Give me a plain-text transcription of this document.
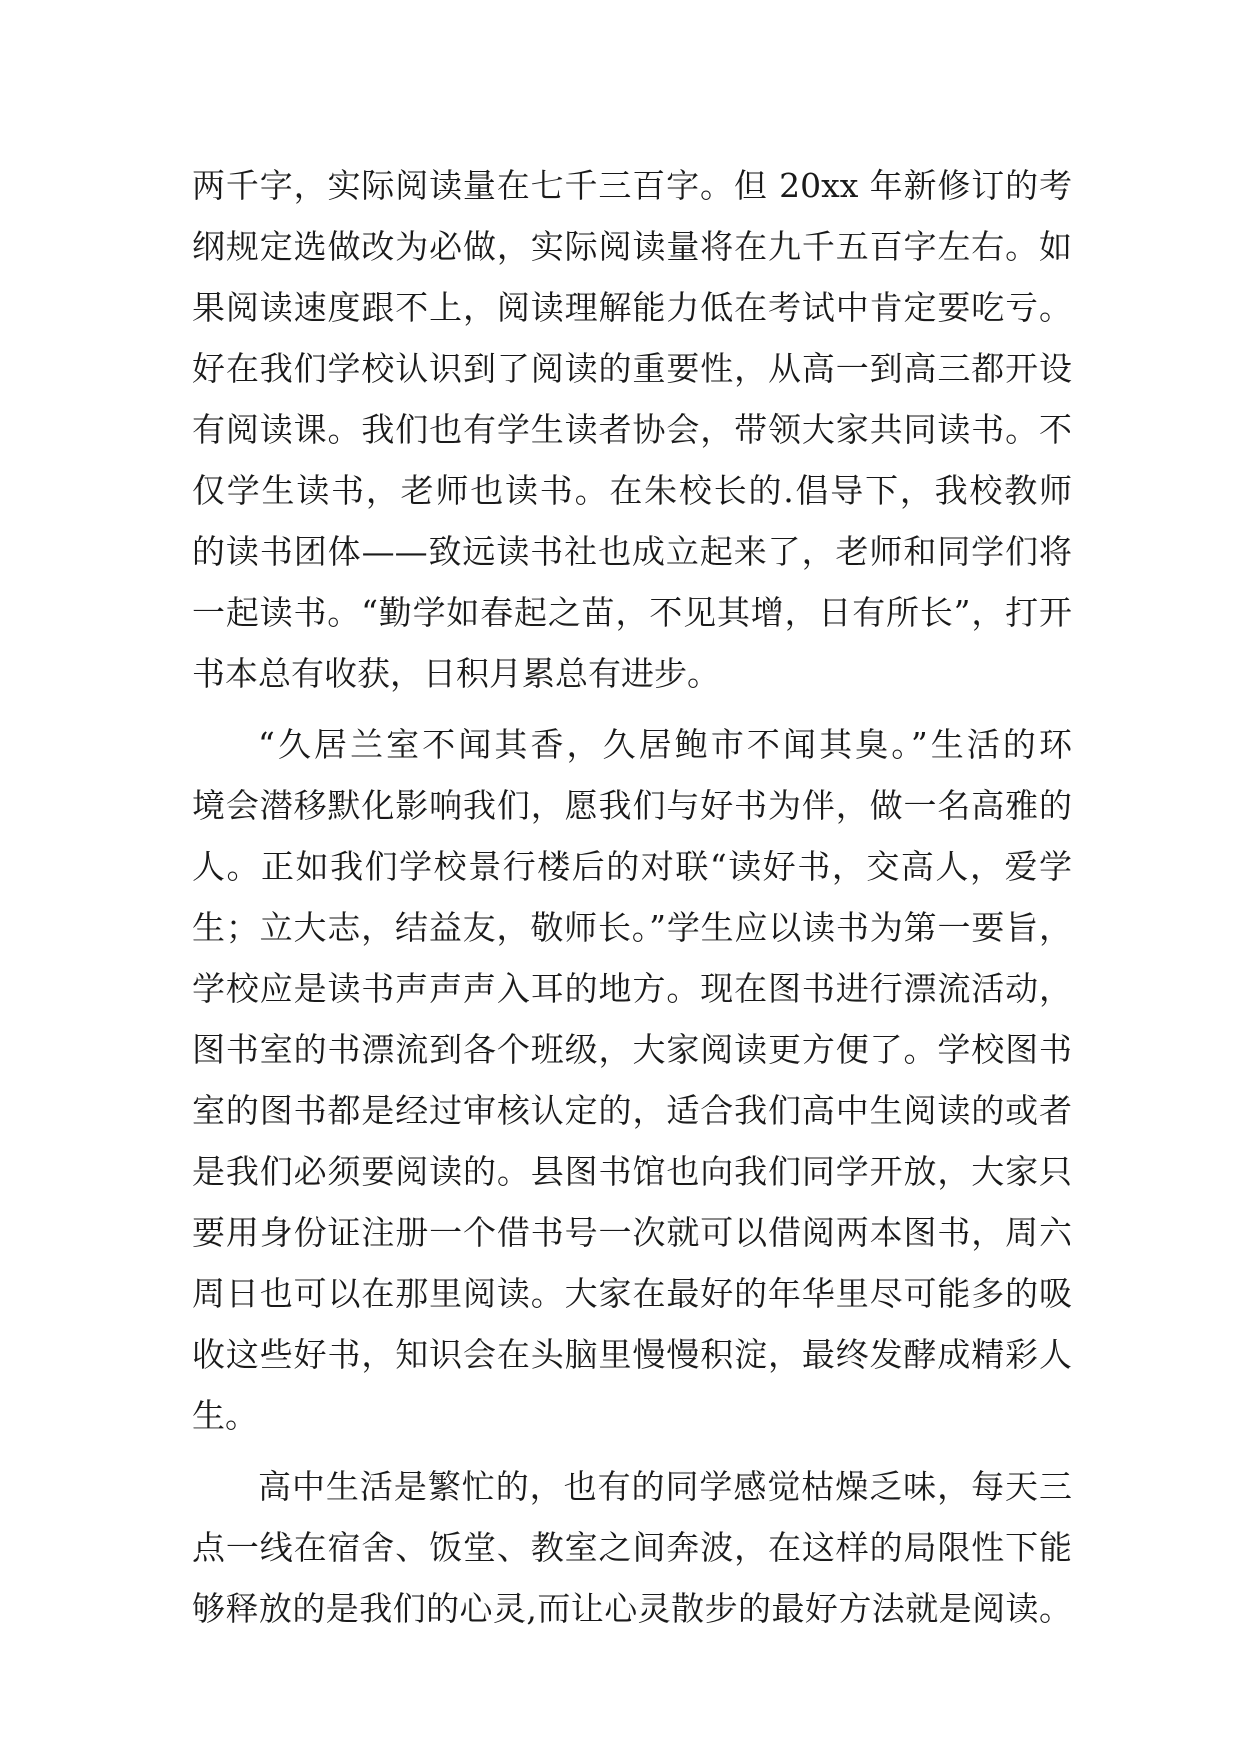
两千字，实际阅读量在七千三百字。但 20xx 年新修订的考
纲规定选做改为必做，实际阅读量将在九千五百字左右。如
果阅读速度跟不上，阅读理解能力低在考试中肯定要吃亏。
好在我们学校认识到了阅读的重要性，从高一到高三都开设
有阅读课。我们也有学生读者协会，带领大家共同读书。不
仅学生读书，老师也读书。在朱校长的.倡导下，我校教师
的读书团体——致远读书社也成立起来了，老师和同学们将
一起读书。“勤学如春起之苗，不见其增，日有所长”，打开
书本总有收获，日积月累总有进步。
“久居兰室不闻其香，久居鲍市不闻其臭。”生活的环
境会潜移默化影响我们，愿我们与好书为伴，做一名高雅的
人。正如我们学校景行楼后的对联“读好书，交高人，爱学
生；立大志，结益友，敬师长。”学生应以读书为第一要旨，
学校应是读书声声声入耳的地方。现在图书进行漂流活动，
图书室的书漂流到各个班级，大家阅读更方便了。学校图书
室的图书都是经过审核认定的，适合我们高中生阅读的或者
是我们必须要阅读的。县图书馆也向我们同学开放，大家只
要用身份证注册一个借书号一次就可以借阅两本图书，周六
周日也可以在那里阅读。大家在最好的年华里尽可能多的吸
收这些好书，知识会在头脑里慢慢积淀，最终发酵成精彩人
生。
高中生活是繁忙的，也有的同学感觉枯燥乏味，每天三
点一线在宿舍、饭堂、教室之间奔波，在这样的局限性下能
够释放的是我们的心灵,而让心灵散步的最好方法就是阅读。
